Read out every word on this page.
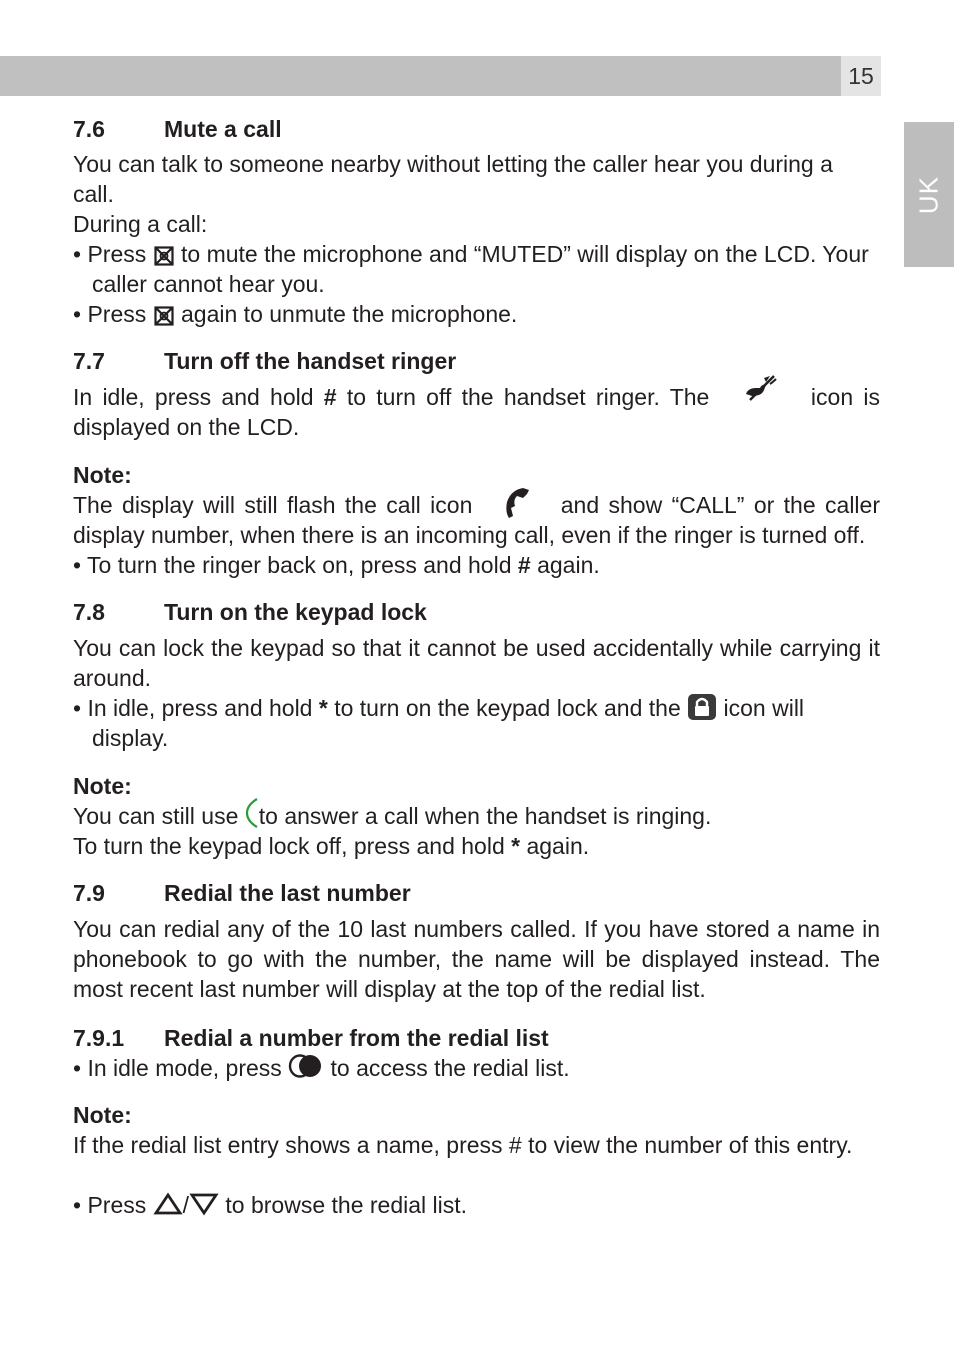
15
UK
7.6	Mute a call

You can talk to someone nearby without letting the caller hear you during a call.

During a call:

• Press  to mute the microphone and “MUTED” will display on the LCD. Your caller cannot hear you.

• Press  again to unmute the microphone.

7.7	Turn off the handset ringer

In idle, press and hold # to turn off the handset ringer. The	icon is displayed on the LCD.

Note:

The display will still flash the call icon	and show “CALL” or the caller display number, when there is an incoming call, even if the ringer is turned off.

• To turn the ringer back on, press and hold # again.

7.8	Turn on the keypad lock

You can lock the keypad so that it cannot be used accidentally while carrying it around.

• In idle, press and hold * to turn on the keypad lock and the  icon will display.

Note:

You can still use to answer a call when the handset is ringing.

To turn the keypad lock off, press and hold * again.

7.9	Redial the last number

You can redial any of the 10 last numbers called. If you have stored a name in phonebook to go with the number, the name will be displayed instead. The most recent last number will display at the top of the redial list.

7.9.1 Redial a number from the redial list

• In idle mode, press  to access the redial list.

Note:

If the redial list entry shows a name, press # to view the number of this entry.

• Press / to browse the redial list.
